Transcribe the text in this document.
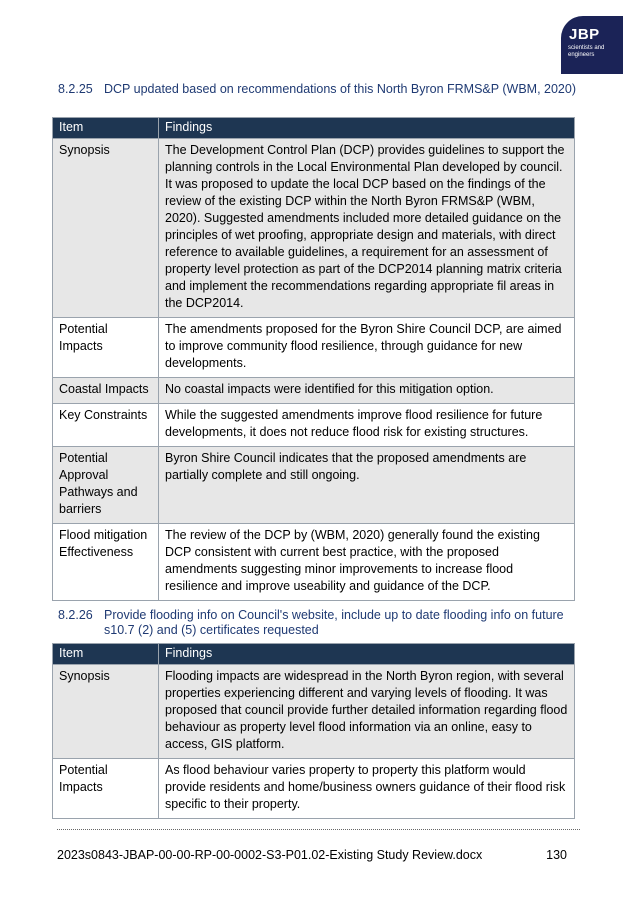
JBP
scientists and engineers
8.2.25 DCP updated based on recommendations of this North Byron FRMS&P (WBM, 2020)
Item	Findings
Synopsis	The Development Control Plan (DCP) provides guidelines to support the planning controls in the Local Environmental Plan developed by council. It was proposed to update the local DCP based on the findings of the review of the existing DCP within the North Byron FRMS&P (WBM, 2020). Suggested amendments included more detailed guidance on the principles of wet proofing, appropriate design and materials, with direct reference to available guidelines, a requirement for an assessment of property level protection as part of the DCP2014 planning matrix criteria and implement the recommendations regarding appropriate fil areas in the DCP2014.
Potential Impacts	The amendments proposed for the Byron Shire Council DCP, are aimed to improve community flood resilience, through guidance for new developments.
Coastal Impacts	No coastal impacts were identified for this mitigation option.
Key Constraints	While the suggested amendments improve flood resilience for future developments, it does not reduce flood risk for existing structures.
Potential Approval Pathways and barriers	Byron Shire Council indicates that the proposed amendments are partially complete and still ongoing.
Flood mitigation Effectiveness	The review of the DCP by (WBM, 2020) generally found the existing DCP consistent with current best practice, with the proposed amendments suggesting minor improvements to increase flood resilience and improve useability and guidance of the DCP.
8.2.26 Provide flooding info on Council's website, include up to date flooding info on future s10.7 (2) and (5) certificates requested
Item	Findings
Synopsis	Flooding impacts are widespread in the North Byron region, with several properties experiencing different and varying levels of flooding. It was proposed that council provide further detailed information regarding flood behaviour as property level flood information via an online, easy to access, GIS platform.
Potential Impacts	As flood behaviour varies property to property this platform would provide residents and home/business owners guidance of their flood risk specific to their property.
2023s0843-JBAP-00-00-RP-00-0002-S3-P01.02-Existing Study Review.docx	130
